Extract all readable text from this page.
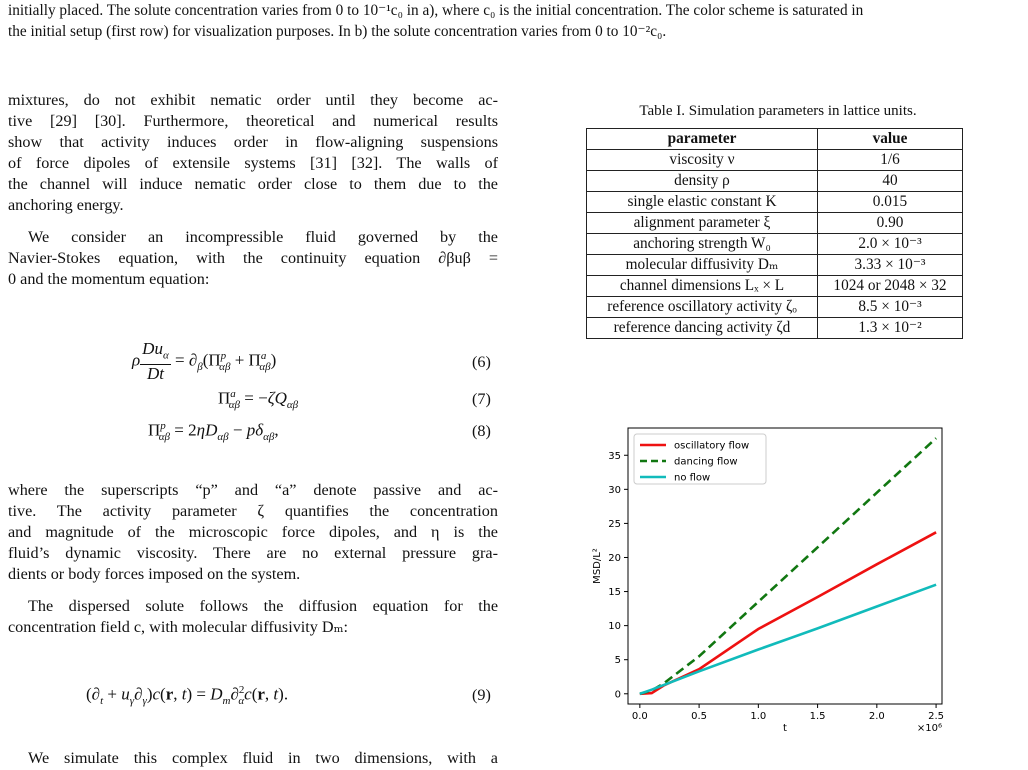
initially placed. The solute concentration varies from 0 to 10⁻¹c₀ in a), where c₀ is the initial concentration. The color scheme is saturated in
the initial setup (first row) for visualization purposes. In b) the solute concentration varies from 0 to 10⁻²c₀.
mixtures, do not exhibit nematic order until they become ac-
tive [29] [30]. Furthermore, theoretical and numerical results
show that activity induces order in flow-aligning suspensions
of force dipoles of extensile systems [31] [32]. The walls of
the channel will induce nematic order close to them due to the
anchoring energy.
We consider an incompressible fluid governed by the
Navier-Stokes equation, with the continuity equation ∂βuβ =
0 and the momentum equation:
ρ $\frac{Du_\alpha}{Dt} = \partial_\beta(\Pi^p_{\alpha\beta} + \Pi^a_{\alpha\beta})$	(6)
$\Pi^a_{\alpha\beta} = -\zeta Q_{\alpha\beta}$	(7)
$\Pi^p_{\alpha\beta} = 2\eta D_{\alpha\beta} - p\delta_{\alpha\beta}$,	(8)
where the superscripts “p” and “a” denote passive and ac-
tive. The activity parameter ζ quantifies the concentration
and magnitude of the microscopic force dipoles, and η is the
fluid’s dynamic viscosity. There are no external pressure gra-
dients or body forces imposed on the system.
The dispersed solute follows the diffusion equation for the
concentration field c, with molecular diffusivity Dₘ:
$(\partial_t + u_\gamma\partial_\gamma)c(r$, $t) = D_m\partial^2_\alpha c(r$, t).	(9)
We simulate this complex fluid in two dimensions, with a
Table I. Simulation parameters in lattice units.
parameter	value
viscosity ν	1/6
density ρ	40
single elastic constant K	0.015
alignment parameter ξ	0.90
anchoring strength W₀	2.0 × 10⁻³
molecular diffusivity Dₘ	3.33 × 10⁻³
channel dimensions Lₓ × L	1024 or 2048 × 32
reference oscillatory activity ζₒ	8.5 × 10⁻³
reference dancing activity ζd	1.3 × 10⁻²
0.0	0.5	1.0	1.5	2.0	2.5
0
5
10
15
20
25
30
35
t	×10⁶
MSD/L²
oscillatory flow
dancing flow
no flow
